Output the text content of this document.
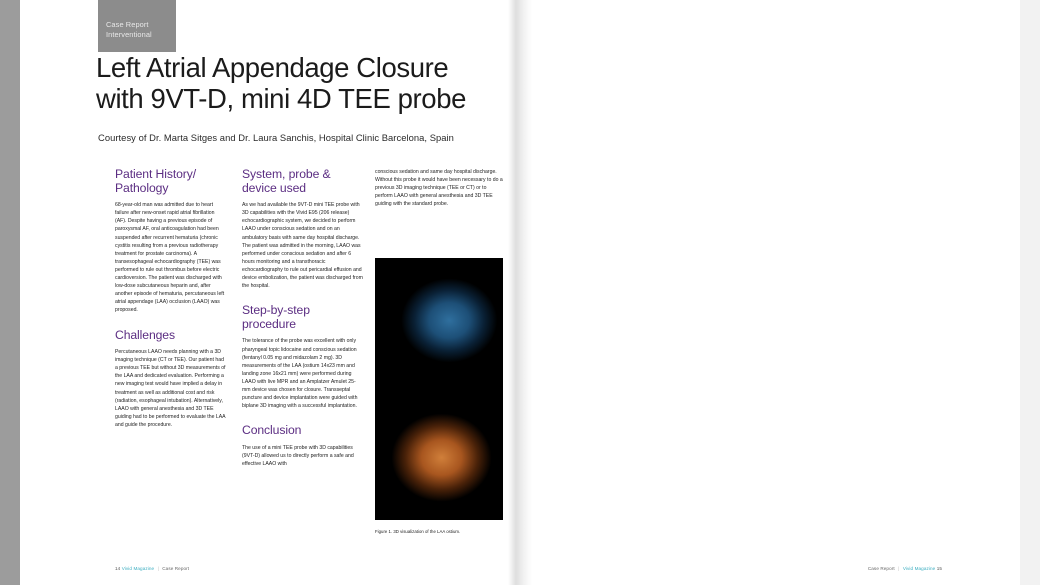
Case Report
Interventional
Left Atrial Appendage Closure with 9VT-D, mini 4D TEE probe
Courtesy of Dr. Marta Sitges and Dr. Laura Sanchis, Hospital Clinic Barcelona, Spain
Patient History/ Pathology

68-year-old man was admitted due to heart failure after new-onset rapid atrial fibrillation (AF). Despite having a previous episode of paroxysmal AF, oral anticoagulation had been suspended after recurrent hematuria (chronic cystitis resulting from a previous radiotherapy treatment for prostate carcinoma). A transesophageal echocardiography (TEE) was performed to rule out thrombus before electric cardioversion. The patient was discharged with low-dose subcutaneous heparin and, after another episode of hematuria, percutaneous left atrial appendage (LAA) occlusion (LAAO) was proposed.

Challenges

Percutaneous LAAO needs planning with a 3D imaging technique (CT or TEE). Our patient had a previous TEE but without 3D measurements of the LAA and dedicated evaluation. Performing a new imaging test would have implied a delay in treatment as well as additional cost and risk (radiation, esophageal intubation). Alternatively, LAAO with general anesthesia and 3D TEE guiding had to be performed to evaluate the LAA and guide the procedure.

System, probe & device used

As we had available the 9VT-D mini TEE probe with 3D capabilities with the Vivid E95 (206 release) echocardiographic system, we decided to perform LAAO under conscious sedation and on an ambulatory basis with same day hospital discharge. The patient was admitted in the morning, LAAO was performed under conscious sedation and after 6 hours monitoring and a transthoracic echocardiography to rule out pericardial effusion and device embolization, the patient was discharged from the hospital.

Step-by-step procedure

The tolerance of the probe was excellent with only pharyngeal topic lidocaine and conscious sedation (fentanyl 0.05 mg and midazolam 2 mg). 3D measurements of the LAA (ostium 14x23 mm and landing zone 16x21 mm) were performed during LAAO with live MPR and an Amplatzer Amulet 25-mm device was chosen for closure. Transseptal puncture and device implantation were guided with biplane 3D imaging with a successful implantation.

Conclusion

The use of a mini TEE probe with 3D capabilities (9VT-D) allowed us to directly perform a safe and effective LAAO with

conscious sedation and same day hospital discharge. Without this probe it would have been necessary to do a previous 3D imaging technique (TEE or CT) or to perform LAAO with general anesthesia and 3D TEE guiding with the standard probe.

Figure 1. 3D visualization of the LAA ostium.
14 Vivid Magazine | Case Report	Case Report | Vivid Magazine 15
